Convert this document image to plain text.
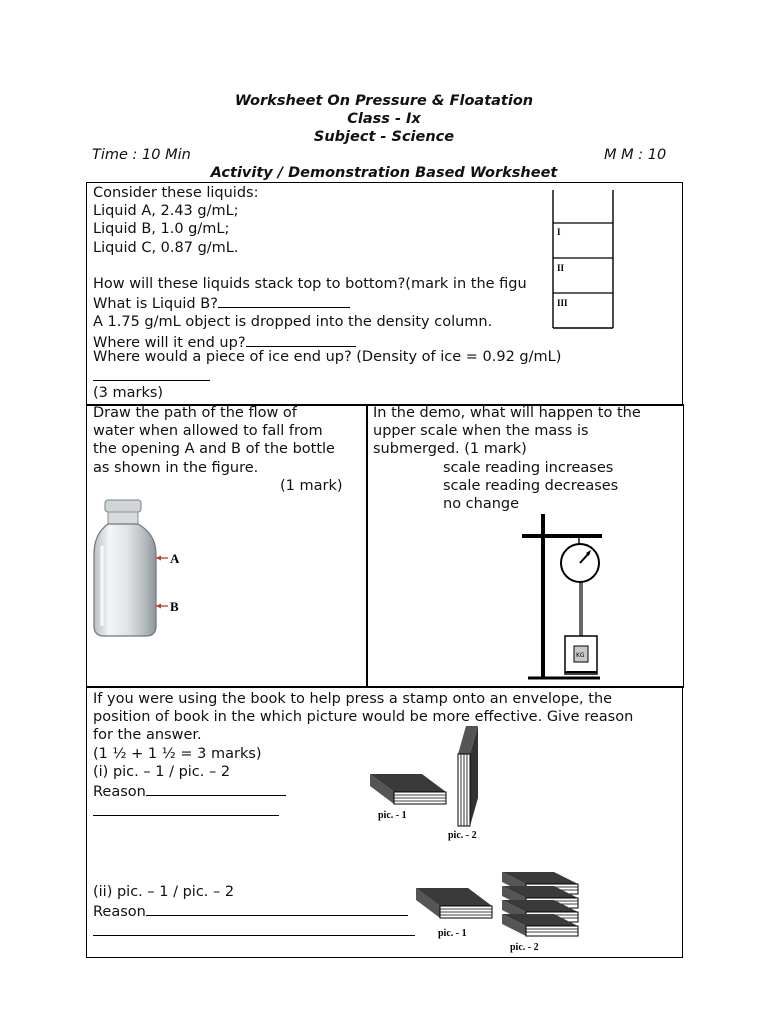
Worksheet On Pressure & Floatation
Class - Ix
Subject - Science
Time : 10 Min	M M : 10
Activity / Demonstration Based Worksheet
Consider these liquids:
Liquid A, 2.43 g/mL;
Liquid B, 1.0 g/mL;
Liquid C, 0.87 g/mL.
How will these liquids stack top to bottom?(mark in the figu
What is Liquid B?
A 1.75 g/mL object is dropped into the density column.
Where will it end up?
Where would a piece of ice end up? (Density of ice = 0.92 g/mL)
(3 marks)
I
II
III
Draw the path of the flow of
water when allowed to fall from
the opening A and B of the bottle
as shown in the figure.
(1 mark)
A
B
In the demo, what will happen to the
upper scale when the mass is
submerged. (1 mark)
scale reading increases
scale reading decreases
no change
KG
If you were using the book to help press a stamp onto an envelope, the
position of book in the which picture would be more effective. Give reason
for the answer.
(1 ½ + 1 ½ = 3 marks)
(i) pic. – 1 / pic. – 2
Reason
(ii) pic. – 1 / pic. – 2
Reason
pic. - 1
pic. - 2
pic. - 1
pic. - 2
